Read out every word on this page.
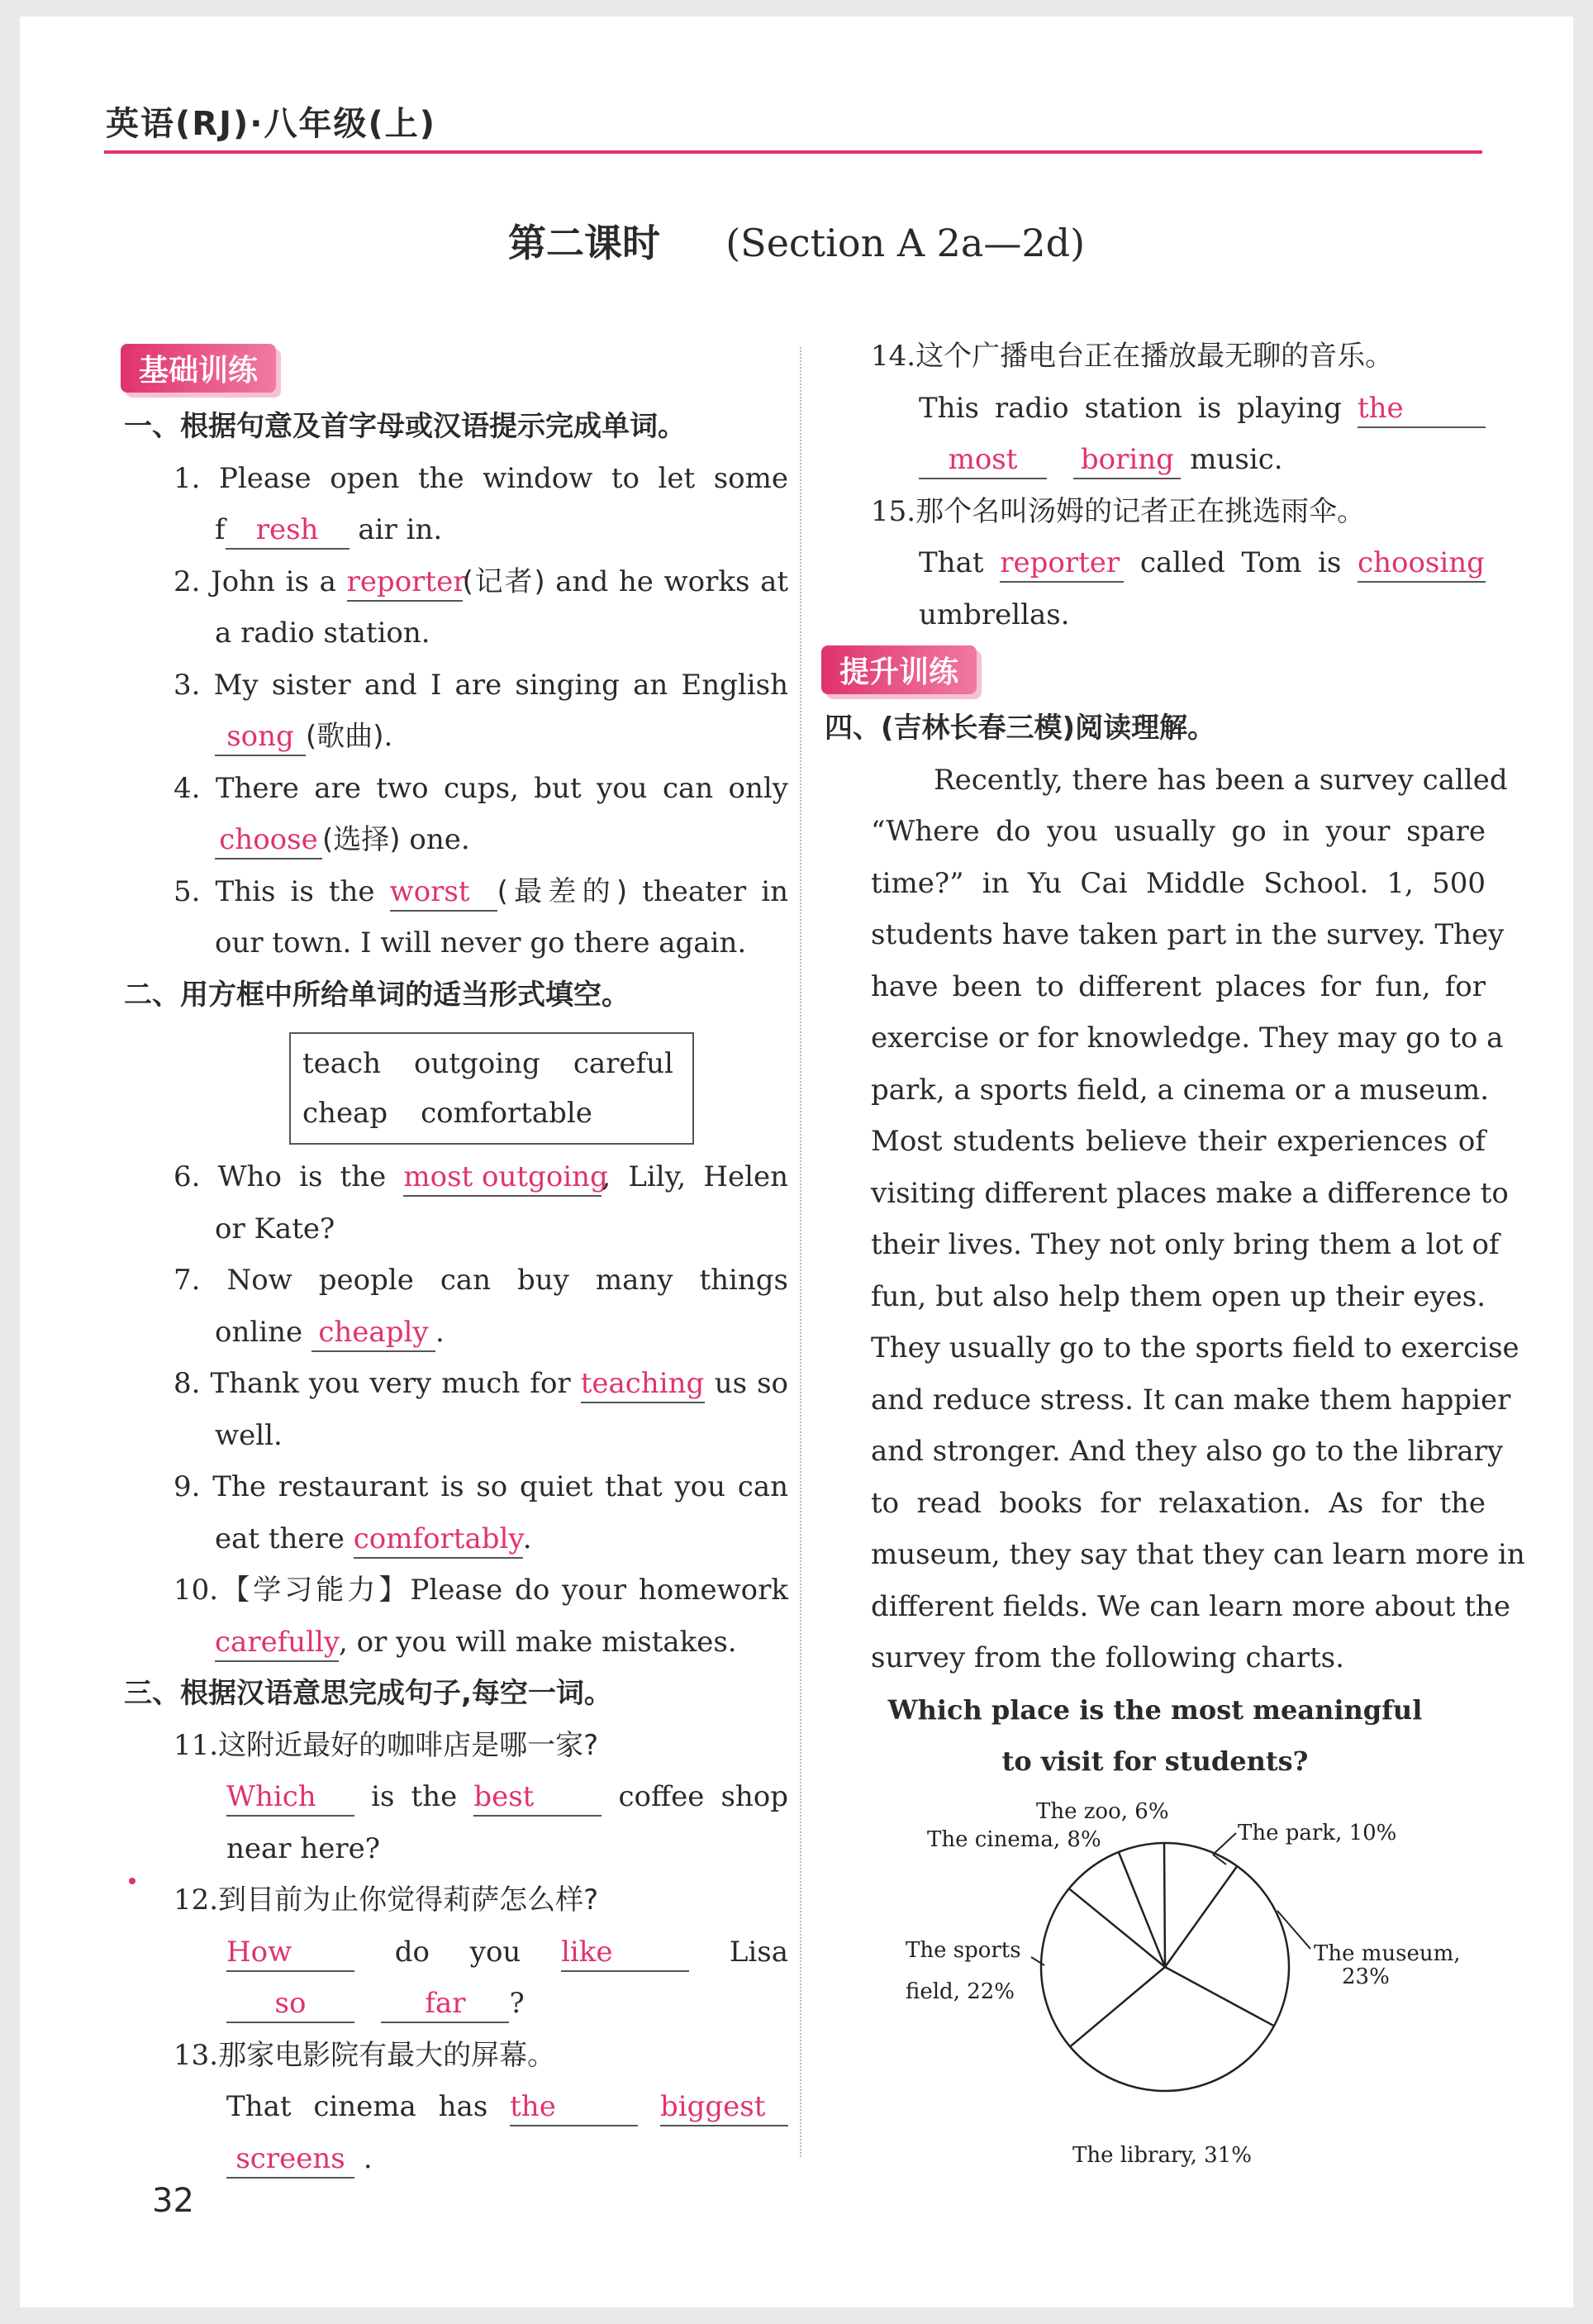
英语(RJ)·八年级(上)
第二课时 (Section A 2a—2d)
基础训练
一、根据句意及首字母或汉语提示完成单词。
1. Please open the window to let some
f resh air in.
2. John is a reporter(记者) and he works at
a radio station.
3. My sister and I are singing an English
song (歌曲).
4. There are two cups, but you can only
choose (选择) one.
5. This is the worst (最差的) theater in
our town. I will never go there again.
二、用方框中所给单词的适当形式填空。
teach outgoing careful
cheap comfortable
6. Who is the most outgoing, Lily, Helen
or Kate?
7. Now people can buy many things
online cheaply .
8. Thank you very much for teaching us so
well.
9. The restaurant is so quiet that you can
eat there comfortably.
10.【学习能力】Please do your homework
carefully, or you will make mistakes.
三、根据汉语意思完成句子,每空一词。
11.这附近最好的咖啡店是哪一家?
Which is the best	coffee shop
near here?
12.到目前为止你觉得莉萨怎么样?
How	do you like	Lisa
so	far ?
13.那家电影院有最大的屏幕。
That cinema has the	biggest
screens .
14.这个广播电台正在播放最无聊的音乐。
This radio station is playing the
most boring music.
15.那个名叫汤姆的记者正在挑选雨伞。
That reporter called Tom is choosing
umbrellas.
提升训练
四、(吉林长春三模)阅读理解。
Recently, there has been a survey called
“Where do you usually go in your spare
time?” in Yu Cai Middle School. 1, 500
students have taken part in the survey. They
have been to different places for fun, for
exercise or for knowledge. They may go to a
park, a sports field, a cinema or a museum.
Most students believe their experiences of
visiting different places make a difference to
their lives. They not only bring them a lot of
fun, but also help them open up their eyes.
They usually go to the sports field to exercise
and reduce stress. It can make them happier
and stronger. And they also go to the library
to read books for relaxation. As for the
museum, they say that they can learn more in
different fields. We can learn more about the
survey from the following charts.
Which place is the most meaningful
to visit for students?
The zoo, 6%
The park, 10%
The museum,
23%
The library, 31%
The sports
field, 22%
The cinema, 8%
32
